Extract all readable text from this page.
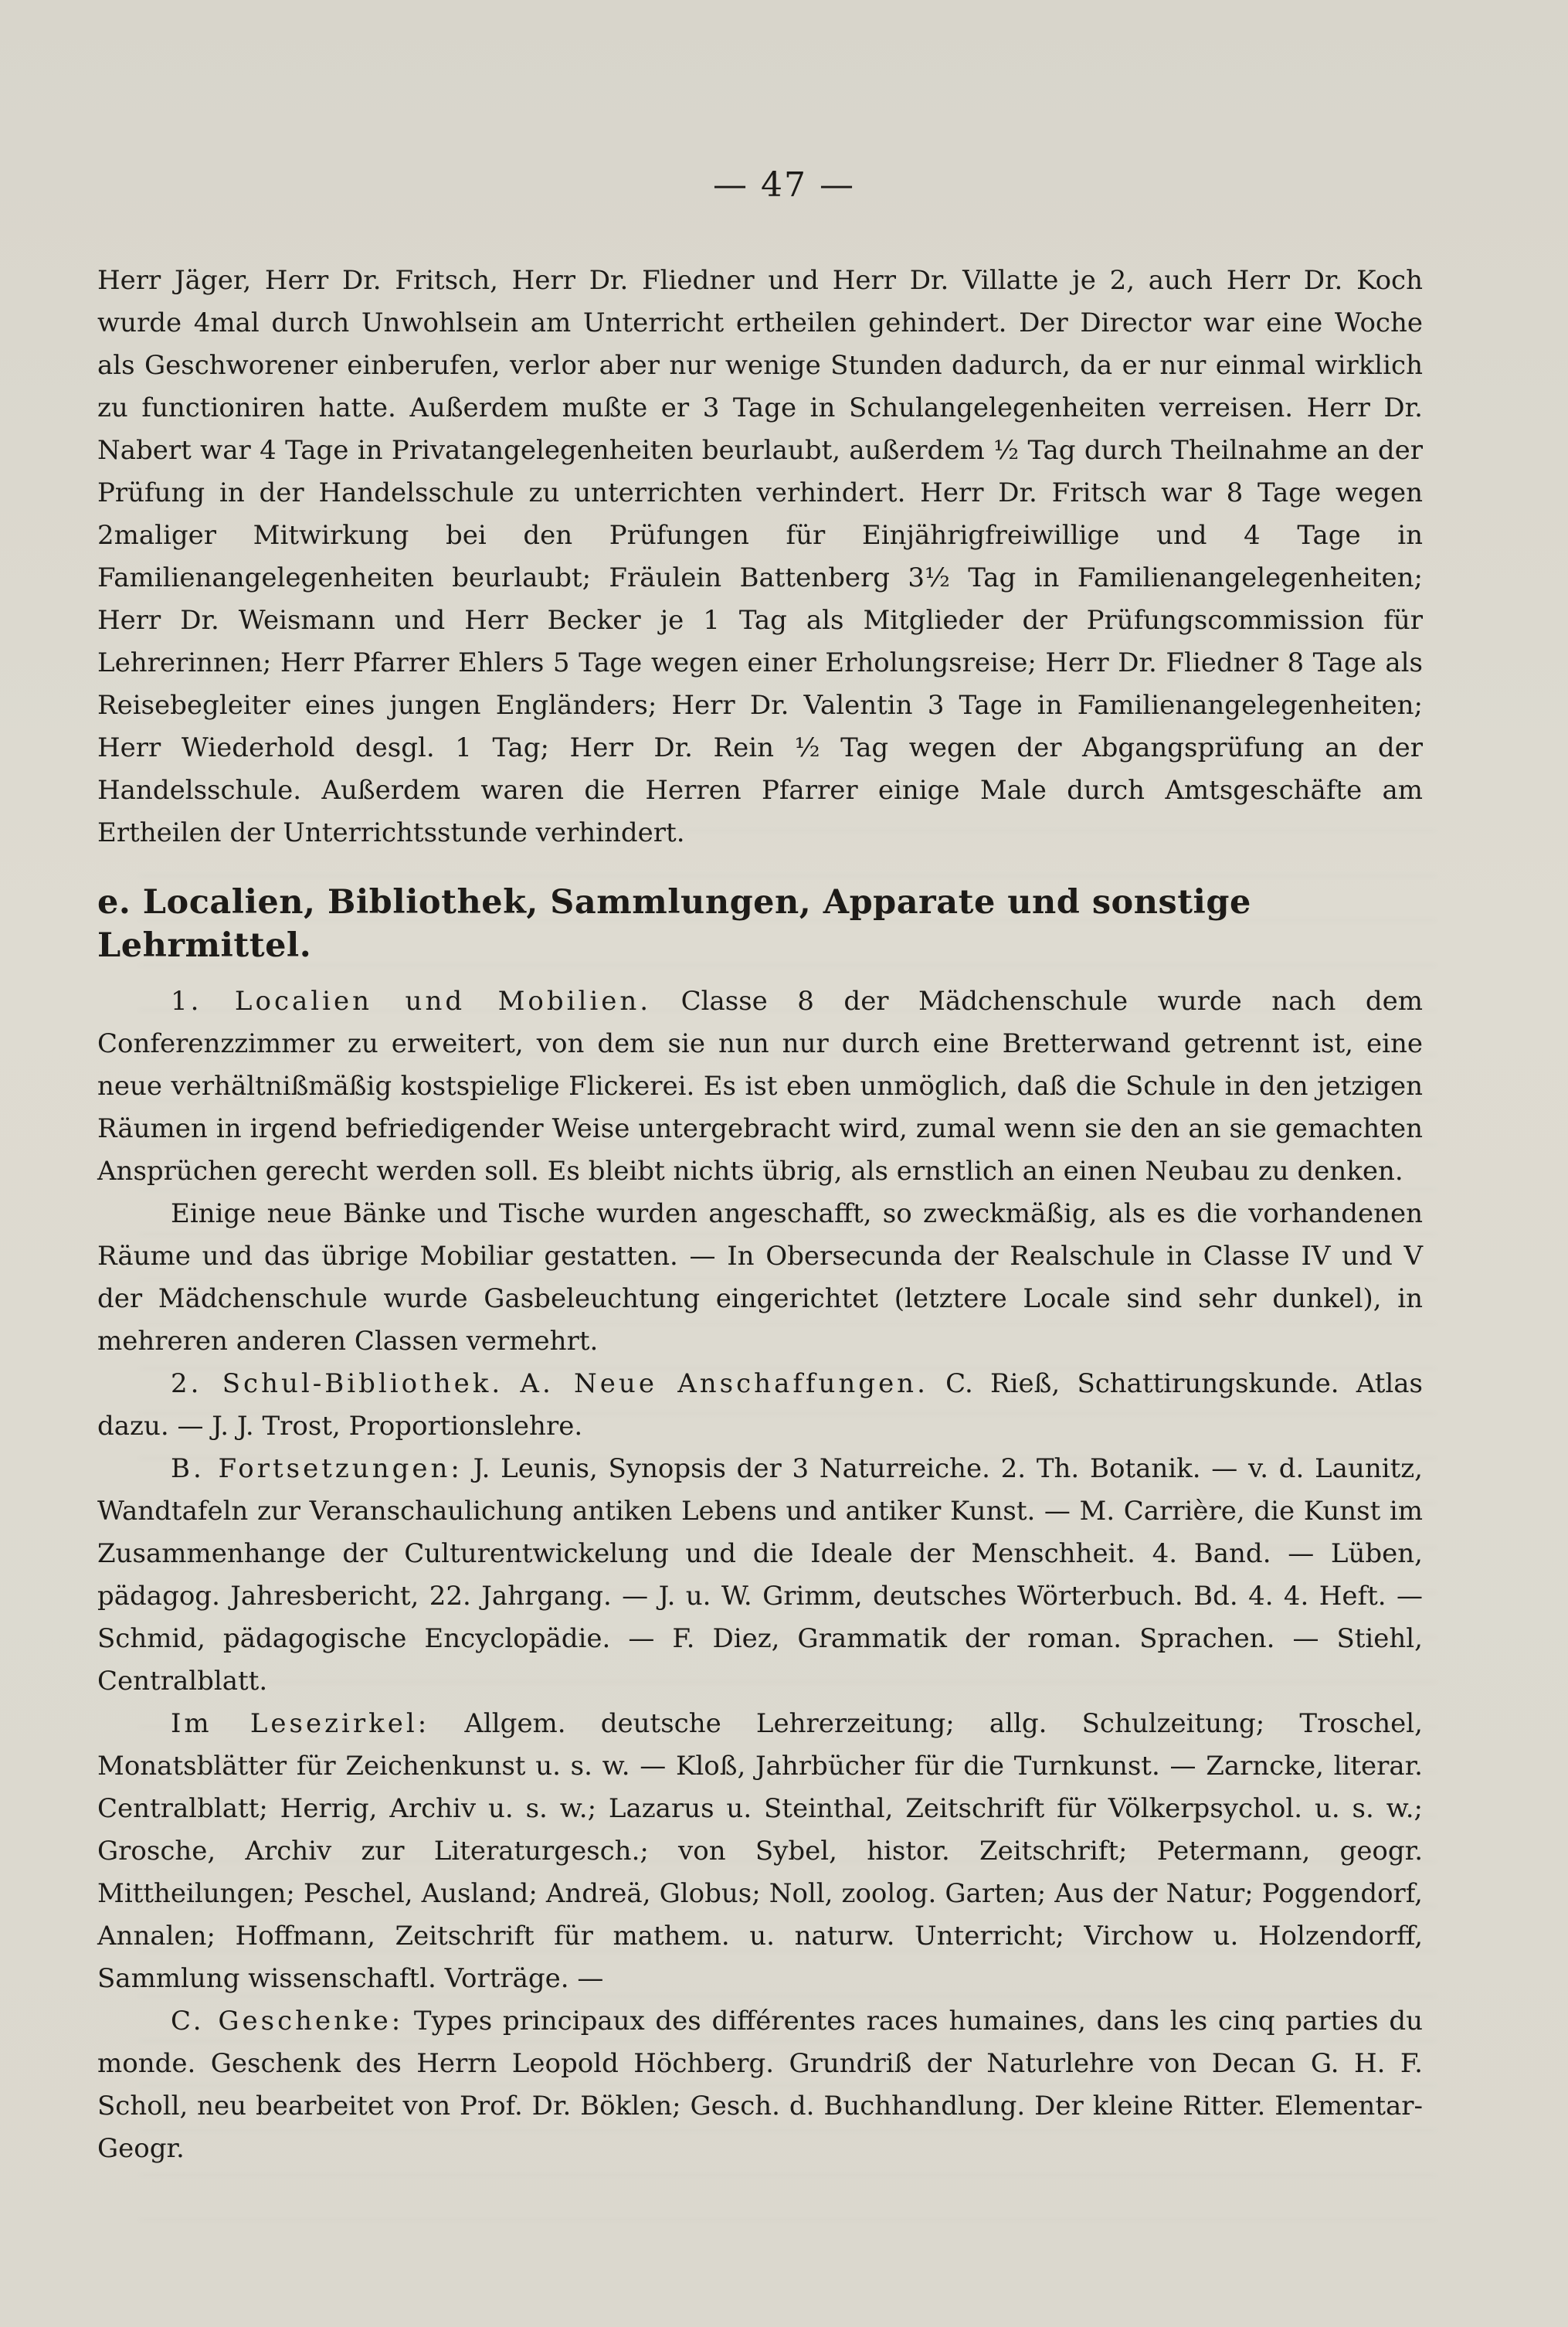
— 47 —

Herr Jäger, Herr Dr. Fritsch, Herr Dr. Fliedner und Herr Dr. Villatte je 2, auch Herr Dr. Koch wurde 4mal durch Unwohlsein am Unterricht ertheilen gehindert. Der Director war eine Woche als Geschworener einberufen, verlor aber nur wenige Stunden dadurch, da er nur einmal wirklich zu functioniren hatte. Außerdem mußte er 3 Tage in Schulangelegenheiten verreisen. Herr Dr. Nabert war 4 Tage in Privatangelegenheiten beurlaubt, außerdem ½ Tag durch Theilnahme an der Prüfung in der Handelsschule zu unterrichten verhindert. Herr Dr. Fritsch war 8 Tage wegen 2maliger Mitwirkung bei den Prüfungen für Einjährigfreiwillige und 4 Tage in Familienangelegenheiten beurlaubt; Fräulein Battenberg 3½ Tag in Familienangelegenheiten; Herr Dr. Weismann und Herr Becker je 1 Tag als Mitglieder der Prüfungscommission für Lehrerinnen; Herr Pfarrer Ehlers 5 Tage wegen einer Erholungsreise; Herr Dr. Fliedner 8 Tage als Reisebegleiter eines jungen Engländers; Herr Dr. Valentin 3 Tage in Familienangelegenheiten; Herr Wiederhold desgl. 1 Tag; Herr Dr. Rein ½ Tag wegen der Abgangsprüfung an der Handelsschule. Außerdem waren die Herren Pfarrer einige Male durch Amtsgeschäfte am Ertheilen der Unterrichtsstunde verhindert.

e. Localien, Bibliothek, Sammlungen, Apparate und sonstige Lehrmittel.

1. Localien und Mobilien. Classe 8 der Mädchenschule wurde nach dem Conferenzzimmer zu erweitert, von dem sie nun nur durch eine Bretterwand getrennt ist, eine neue verhältnißmäßig kostspielige Flickerei. Es ist eben unmöglich, daß die Schule in den jetzigen Räumen in irgend befriedigender Weise untergebracht wird, zumal wenn sie den an sie gemachten Ansprüchen gerecht werden soll. Es bleibt nichts übrig, als ernstlich an einen Neubau zu denken.

Einige neue Bänke und Tische wurden angeschafft, so zweckmäßig, als es die vorhandenen Räume und das übrige Mobiliar gestatten. — In Obersecunda der Realschule in Classe IV und V der Mädchenschule wurde Gasbeleuchtung eingerichtet (letztere Locale sind sehr dunkel), in mehreren anderen Classen vermehrt.

2. Schul-Bibliothek. A. Neue Anschaffungen. C. Rieß, Schattirungskunde. Atlas dazu. — J. J. Trost, Proportionslehre.

B. Fortsetzungen: J. Leunis, Synopsis der 3 Naturreiche. 2. Th. Botanik. — v. d. Launitz, Wandtafeln zur Veranschaulichung antiken Lebens und antiker Kunst. — M. Carrière, die Kunst im Zusammenhange der Culturentwickelung und die Ideale der Menschheit. 4. Band. — Lüben, pädagog. Jahresbericht, 22. Jahrgang. — J. u. W. Grimm, deutsches Wörterbuch. Bd. 4. 4. Heft. — Schmid, pädagogische Encyclopädie. — F. Diez, Grammatik der roman. Sprachen. — Stiehl, Centralblatt.

Im Lesezirkel: Allgem. deutsche Lehrerzeitung; allg. Schulzeitung; Troschel, Monatsblätter für Zeichenkunst u. s. w. — Kloß, Jahrbücher für die Turnkunst. — Zarncke, literar. Centralblatt; Herrig, Archiv u. s. w.; Lazarus u. Steinthal, Zeitschrift für Völkerpsychol. u. s. w.; Grosche, Archiv zur Literaturgesch.; von Sybel, histor. Zeitschrift; Petermann, geogr. Mittheilungen; Peschel, Ausland; Andreä, Globus; Noll, zoolog. Garten; Aus der Natur; Poggendorf, Annalen; Hoffmann, Zeitschrift für mathem. u. naturw. Unterricht; Virchow u. Holzendorff, Sammlung wissenschaftl. Vorträge. —

C. Geschenke: Types principaux des différentes races humaines, dans les cinq parties du monde. Geschenk des Herrn Leopold Höchberg. Grundriß der Naturlehre von Decan G. H. F. Scholl, neu bearbeitet von Prof. Dr. Böklen; Gesch. d. Buchhandlung. Der kleine Ritter. Elementar-Geogr.
